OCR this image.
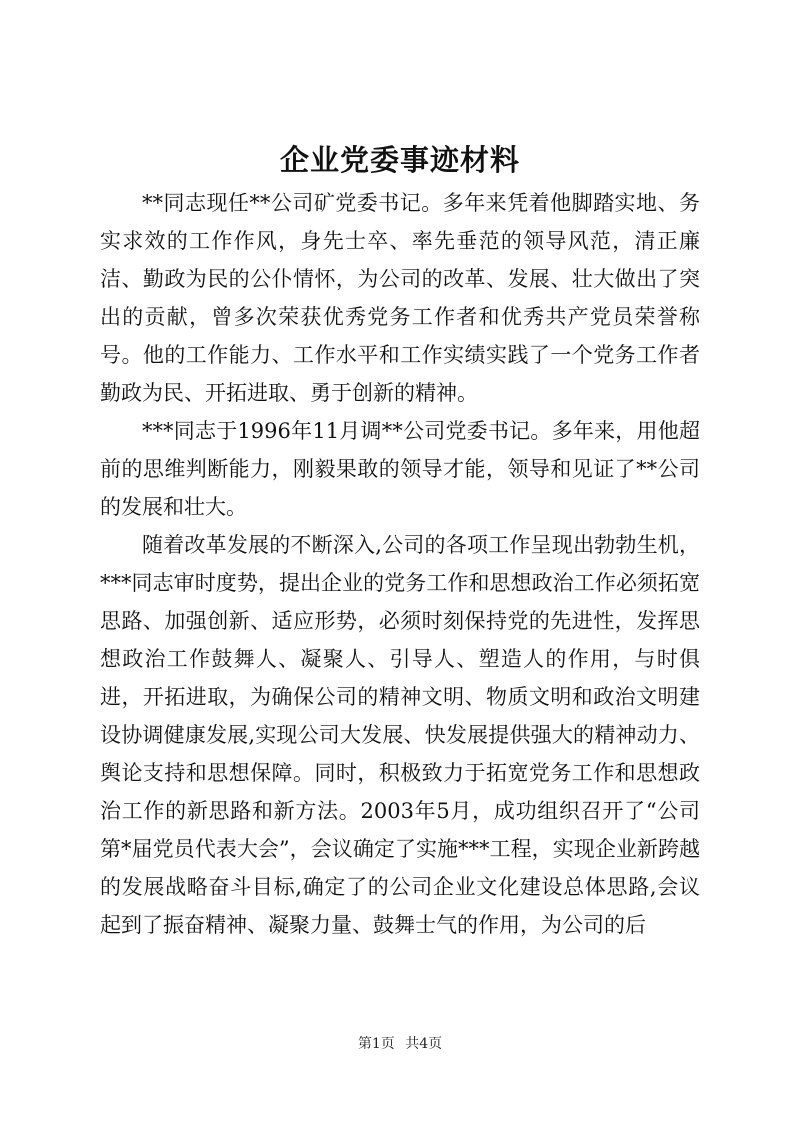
企业党委事迹材料

**同志现任**公司矿党委书记。多年来凭着他脚踏实地、务实求效的工作作风，身先士卒、率先垂范的领导风范，清正廉洁、勤政为民的公仆情怀，为公司的改革、发展、壮大做出了突出的贡献，曾多次荣获优秀党务工作者和优秀共产党员荣誉称号。他的工作能力、工作水平和工作实绩实践了一个党务工作者勤政为民、开拓进取、勇于创新的精神。

***同志于1996年11月调**公司党委书记。多年来，用他超前的思维判断能力，刚毅果敢的领导才能，领导和见证了**公司的发展和壮大。

随着改革发展的不断深入,公司的各项工作呈现出勃勃生机，***同志审时度势，提出企业的党务工作和思想政治工作必须拓宽思路、加强创新、适应形势，必须时刻保持党的先进性，发挥思想政治工作鼓舞人、凝聚人、引导人、塑造人的作用，与时俱进，开拓进取，为确保公司的精神文明、物质文明和政治文明建设协调健康发展,实现公司大发展、快发展提供强大的精神动力、舆论支持和思想保障。同时，积极致力于拓宽党务工作和思想政治工作的新思路和新方法。2003年5月，成功组织召开了“公司第*届党员代表大会”，会议确定了实施***工程，实现企业新跨越的发展战略奋斗目标,确定了的公司企业文化建设总体思路,会议起到了振奋精神、凝聚力量、鼓舞士气的作用，为公司的后

第1页 共4页
